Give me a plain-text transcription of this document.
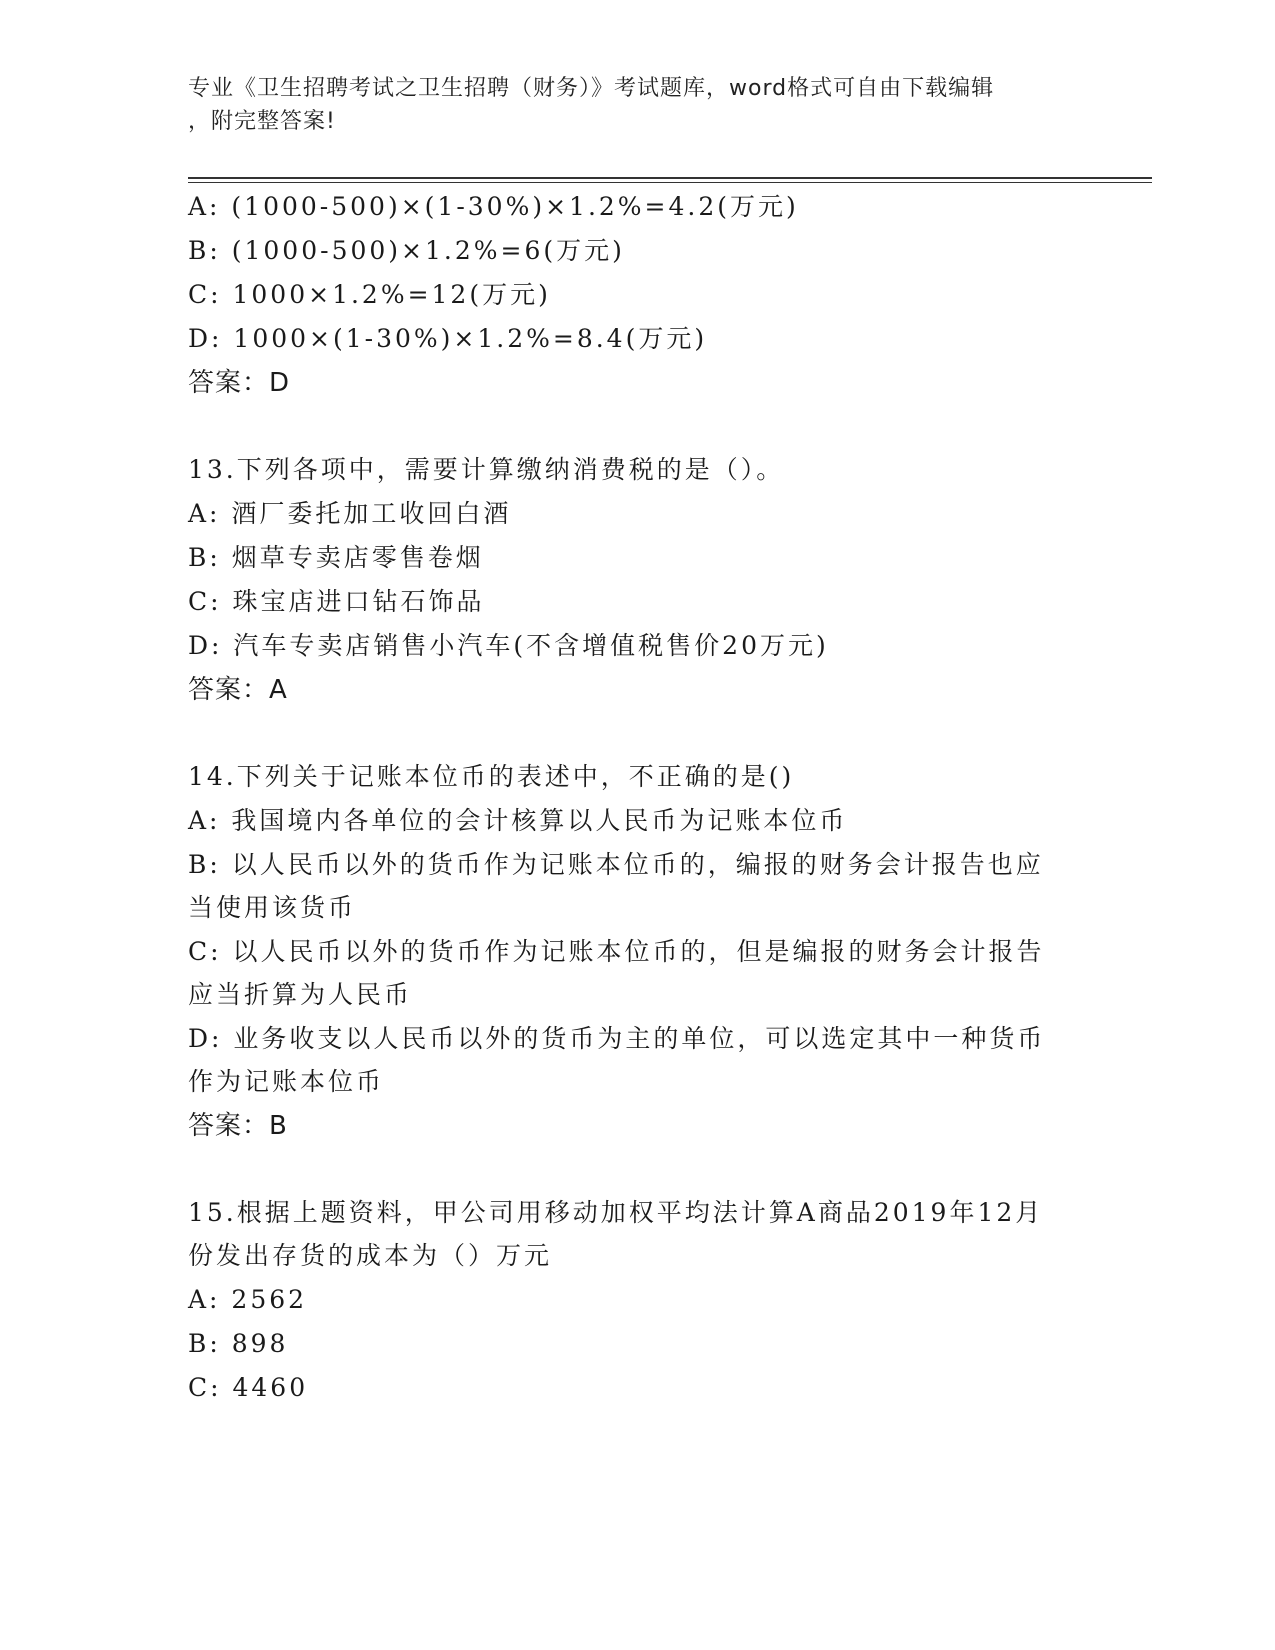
专业《卫生招聘考试之卫生招聘（财务）》考试题库，word格式可自由下载编辑

，附完整答案!

A: (1000-500)×(1-30%)×1.2%=4.2(万元)
B: (1000-500)×1.2%=6(万元)
C: 1000×1.2%=12(万元)
D: 1000×(1-30%)×1.2%=8.4(万元)
答案：D
13.下列各项中，需要计算缴纳消费税的是（）。
A: 酒厂委托加工收回白酒
B: 烟草专卖店零售卷烟
C: 珠宝店进口钻石饰品
D: 汽车专卖店销售小汽车(不含增值税售价20万元)
答案：A
14.下列关于记账本位币的表述中，不正确的是()
A: 我国境内各单位的会计核算以人民币为记账本位币
B: 以人民币以外的货币作为记账本位币的，编报的财务会计报告也应
当使用该货币
C: 以人民币以外的货币作为记账本位币的，但是编报的财务会计报告
应当折算为人民币
D: 业务收支以人民币以外的货币为主的单位，可以选定其中一种货币
作为记账本位币
答案：B
15.根据上题资料，甲公司用移动加权平均法计算A商品2019年12月
份发出存货的成本为（）万元
A: 2562
B: 898
C: 4460
